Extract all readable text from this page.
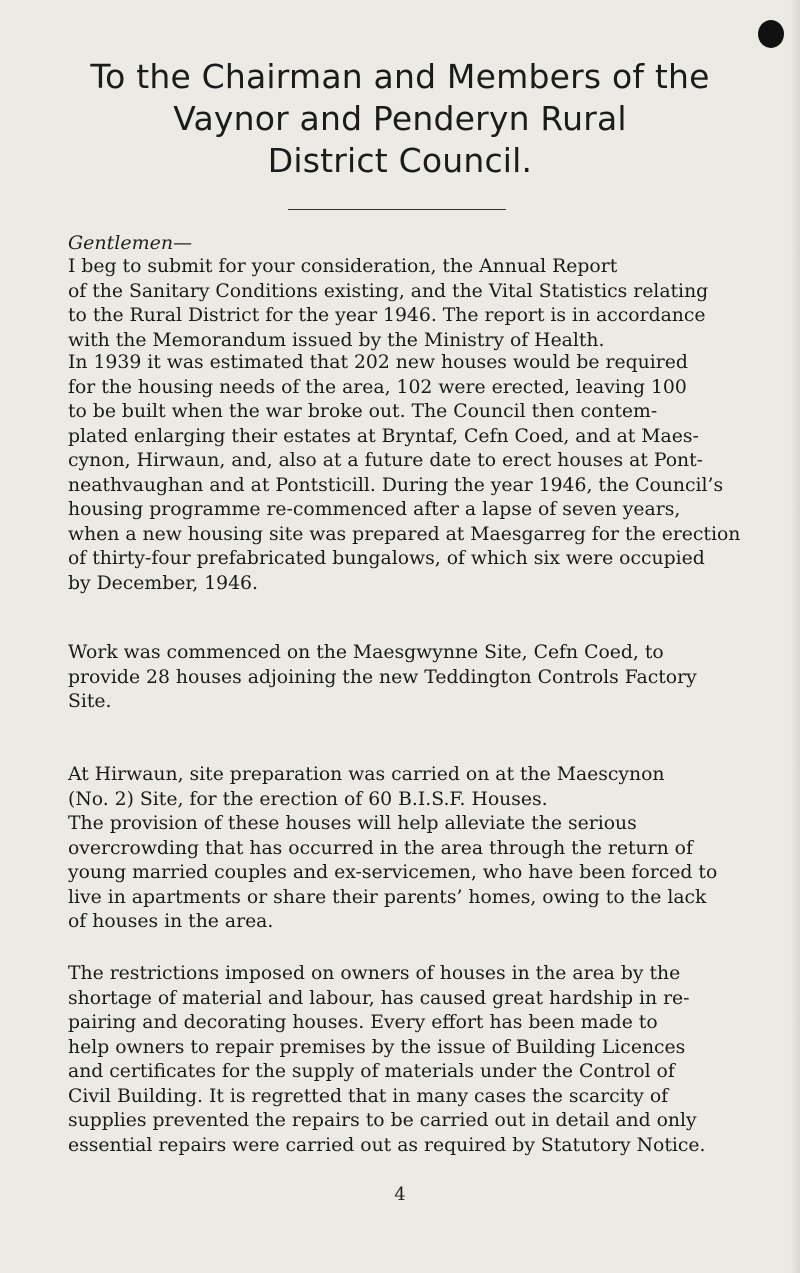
To the Chairman and Members of the
Vaynor and Penderyn Rural
District Council.
Gentlemen—
I beg to submit for your consideration, the Annual Report
of the Sanitary Conditions existing, and the Vital Statistics relating
to the Rural District for the year 1946. The report is in accordance
with the Memorandum issued by the Ministry of Health.
In 1939 it was estimated that 202 new houses would be required
for the housing needs of the area, 102 were erected, leaving 100
to be built when the war broke out. The Council then contem-
plated enlarging their estates at Bryntaf, Cefn Coed, and at Maes-
cynon, Hirwaun, and, also at a future date to erect houses at Pont-
neathvaughan and at Pontsticill. During the year 1946, the Council’s
housing programme re-commenced after a lapse of seven years,
when a new housing site was prepared at Maesgarreg for the erection
of thirty-four prefabricated bungalows, of which six were occupied
by December, 1946.
Work was commenced on the Maesgwynne Site, Cefn Coed, to
provide 28 houses adjoining the new Teddington Controls Factory
Site.
At Hirwaun, site preparation was carried on at the Maescynon
(No. 2) Site, for the erection of 60 B.I.S.F. Houses.
The provision of these houses will help alleviate the serious
overcrowding that has occurred in the area through the return of
young married couples and ex-servicemen, who have been forced to
live in apartments or share their parents’ homes, owing to the lack
of houses in the area.
The restrictions imposed on owners of houses in the area by the
shortage of material and labour, has caused great hardship in re-
pairing and decorating houses. Every effort has been made to
help owners to repair premises by the issue of Building Licences
and certificates for the supply of materials under the Control of
Civil Building. It is regretted that in many cases the scarcity of
supplies prevented the repairs to be carried out in detail and only
essential repairs were carried out as required by Statutory Notice.
4
